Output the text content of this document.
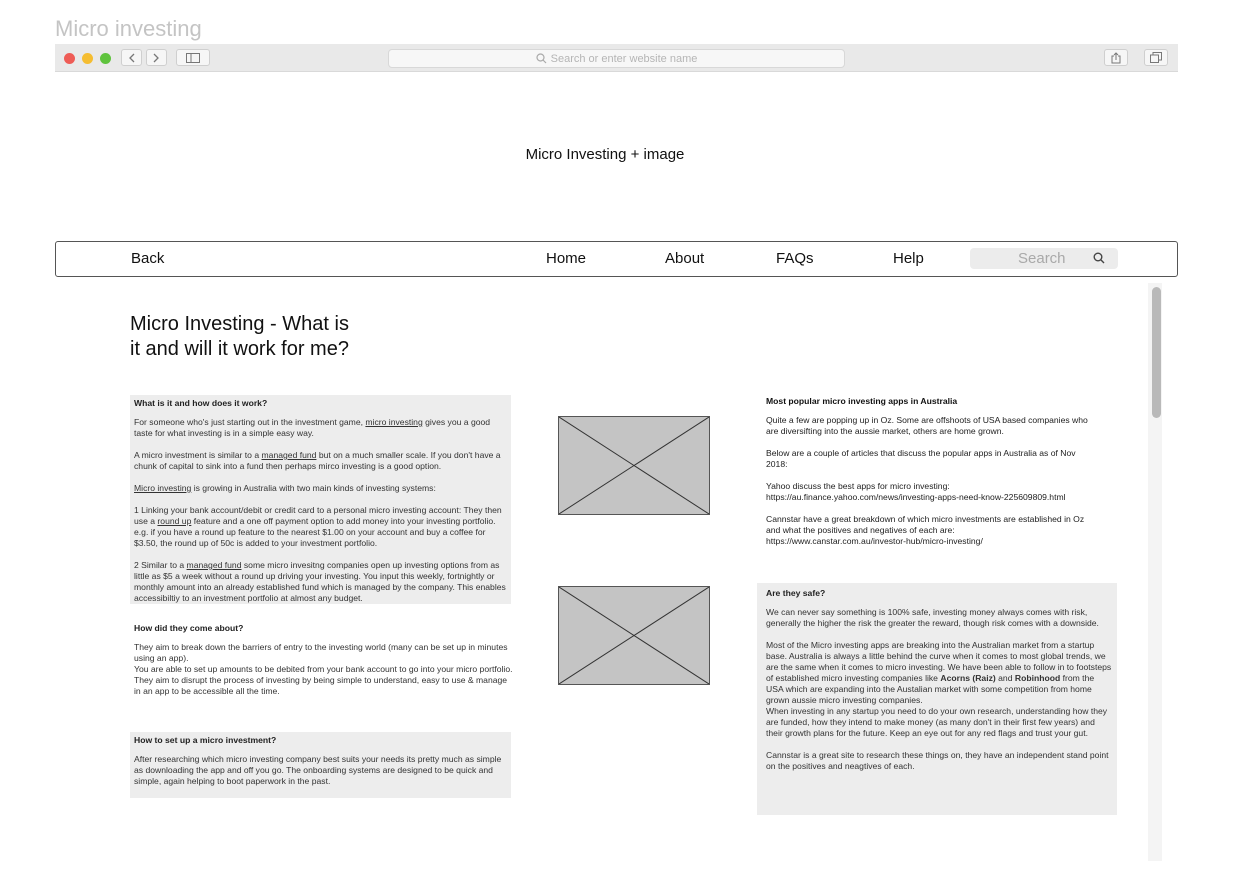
Micro investing
Search or enter website name
Micro Investing + image
Back	Home	About	FAQs	Help	Search
Micro Investing - What is
it and will it work for me?

What is it and how does it work?

For someone who's just starting out in the investment game, micro investing gives you a good taste for what investing is in a simple easy way.

A micro investment is similar to a managed fund but on a much smaller scale. If you don't have a chunk of capital to sink into a fund then perhaps mirco investing is a good option.

Micro investing is growing in Australia with two main kinds of investing systems:

1 Linking your bank account/debit or credit card to a personal micro investing account: They then use a round up feature and a one off payment option to add money into your investing portfolio. e.g. if you have a round up feature to the nearest $1.00 on your account and buy a coffee for $3.50, the round up of 50c is added to your investment portfolio.

2 Similar to a managed fund some micro invesitng companies open up investing options from as little as $5 a week without a round up driving your investing. You input this weekly, fortnightly or monthly amount into an already established fund which is managed by the company. This enables accessibiltiy to an investment portfolio at almost any budget.

How did they come about?

They aim to break down the barriers of entry to the investing world (many can be set up in minutes using an app).

You are able to set up amounts to be debited from your bank account to go into your micro portfolio.

They aim to disrupt the process of investing by being simple to understand, easy to use & manage in an app to be accessible all the time.

How to set up a micro investment?

After researching which micro investing company best suits your needs its pretty much as simple as downloading the app and off you go. The onboarding systems are designed to be quick and simple, again helping to boot paperwork in the past.

Most popular micro investing apps in Australia

Quite a few are popping up in Oz. Some are offshoots of USA based companies who are diversifting into the aussie market, others are home grown.

Below are a couple of articles that discuss the popular apps in Australia as of Nov 2018:

Yahoo discuss the best apps for micro investing:
https://au.finance.yahoo.com/news/investing-apps-need-know-225609809.html

Cannstar have a great breakdown of which micro investments are established in Oz and what the positives and negatives of each are:
https://www.canstar.com.au/investor-hub/micro-investing/

Are they safe?

We can never say something is 100% safe, investing money always comes with risk, generally the higher the risk the greater the reward, though risk comes with a downside.

Most of the Micro investing apps are breaking into the Australian market from a startup base. Australia is always a little behind the curve when it comes to most global trends, we are the same when it comes to micro investing. We have been able to follow in to footsteps of established micro investing companies like Acorns (Raiz) and Robinhood from the USA which are expanding into the Austalian market with some competition from home grown aussie micro investing companies.

When investing in any startup you need to do your own research, understanding how they are funded, how they intend to make money (as many don't in their first few years) and their growth plans for the future. Keep an eye out for any red flags and trust your gut.

Cannstar is a great site to research these things on, they have an independent stand point on the positives and neagtives of each.
